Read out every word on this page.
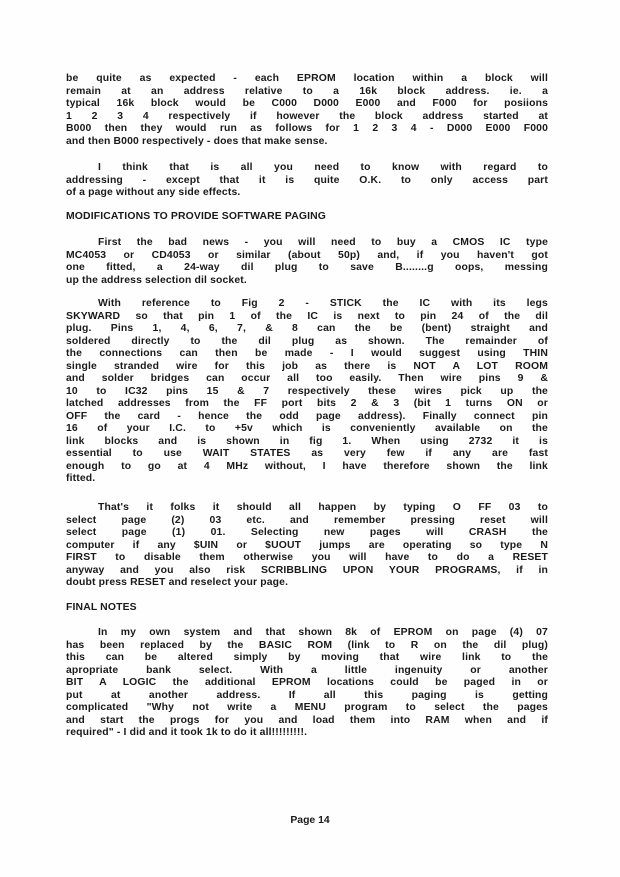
be quite as expected - each EPROM location within a block will
remain at an address relative to a 16k block address. ie. a
typical 16k block would be C000 D000 E000 and F000 for posiions
1 2 3 4 respectively if however the block address started at
B000 then they would run as follows for 1 2 3 4 - D000 E000 F000
and then B000 respectively - does that make sense.
I think that is all you need to know with regard to
addressing - except that it is quite O.K. to only access part
of a page without any side effects.
MODIFICATIONS TO PROVIDE SOFTWARE PAGING
First the bad news - you will need to buy a CMOS IC type
MC4053 or CD4053 or similar (about 50p) and, if you haven't got
one fitted, a 24-way dil plug to save B........g oops, messing
up the address selection dil socket.
With reference to Fig 2 - STICK the IC with its legs
SKYWARD so that pin 1 of the IC is next to pin 24 of the dil
plug. Pins 1, 4, 6, 7, & 8 can the be (bent) straight and
soldered directly to the dil plug as shown. The remainder of
the connections can then be made - I would suggest using THIN
single stranded wire for this job as there is NOT A LOT ROOM
and solder bridges can occur all too easily. Then wire pins 9 &
10 to IC32 pins 15 & 7 respectively these wires pick up the
latched addresses from the FF port bits 2 & 3 (bit 1 turns ON or
OFF the card - hence the odd page address). Finally connect pin
16 of your I.C. to +5v which is conveniently available on the
link blocks and is shown in fig 1. When using 2732 it is
essential to use WAIT STATES as very few if any are fast
enough to go at 4 MHz without, I have therefore shown the link
fitted.
That's it folks it should all happen by typing O FF 03 to
select page (2) 03 etc. and remember pressing reset will
select page (1) 01. Selecting new pages will CRASH the
computer if any $UIN or $UOUT jumps are operating so type N
FIRST to disable them otherwise you will have to do a RESET
anyway and you also risk SCRIBBLING UPON YOUR PROGRAMS, if in
doubt press RESET and reselect your page.
FINAL NOTES
In my own system and that shown 8k of EPROM on page (4) 07
has been replaced by the BASIC ROM (link to R on the dil plug)
this can be altered simply by moving that wire link to the
apropriate bank select. With a little ingenuity or another
BIT A LOGIC the additional EPROM locations could be paged in or
put at another address. If all this paging is getting
complicated "Why not write a MENU program to select the pages
and start the progs for you and load them into RAM when and if
required" - I did and it took 1k to do it all!!!!!!!!!.
Page 14
